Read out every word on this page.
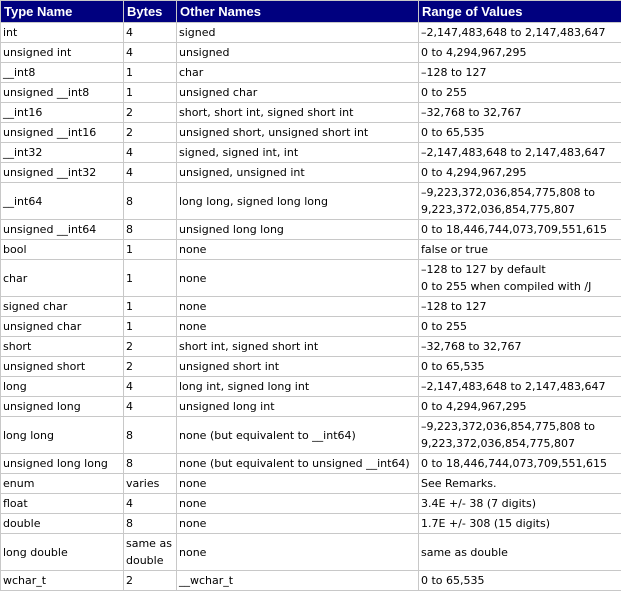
Type Name	Bytes	Other Names	Range of Values
int	4	signed	–2,147,483,648 to 2,147,483,647

unsigned int	4	unsigned	0 to 4,294,967,295

__int8	1	char	–128 to 127

unsigned __int8	1	unsigned char	0 to 255

__int16	2	short, short int, signed short int	–32,768 to 32,767

unsigned __int16	2	unsigned short, unsigned short int	0 to 65,535

__int32	4	signed, signed int, int	–2,147,483,648 to 2,147,483,647

unsigned __int32	4	unsigned, unsigned int	0 to 4,294,967,295

__int64	8	long long, signed long long	–9,223,372,036,854,775,808 to
9,223,372,036,854,775,807

unsigned __int64	8	unsigned long long	0 to 18,446,744,073,709,551,615

bool	1	none	false or true

char	1	none	–128 to 127 by default
0 to 255 when compiled with /J

signed char	1	none	–128 to 127

unsigned char	1	none	0 to 255

short	2	short int, signed short int	–32,768 to 32,767

unsigned short	2	unsigned short int	0 to 65,535

long	4	long int, signed long int	–2,147,483,648 to 2,147,483,647

unsigned long	4	unsigned long int	0 to 4,294,967,295

long long	8	none (but equivalent to __int64)	–9,223,372,036,854,775,808 to
9,223,372,036,854,775,807

unsigned long long	8	none (but equivalent to unsigned __int64)	0 to 18,446,744,073,709,551,615

enum	varies	none	See Remarks.

float	4	none	3.4E +/- 38 (7 digits)

double	8	none	1.7E +/- 308 (15 digits)

long double	same as double	none	same as double

wchar_t	2	__wchar_t	0 to 65,535
